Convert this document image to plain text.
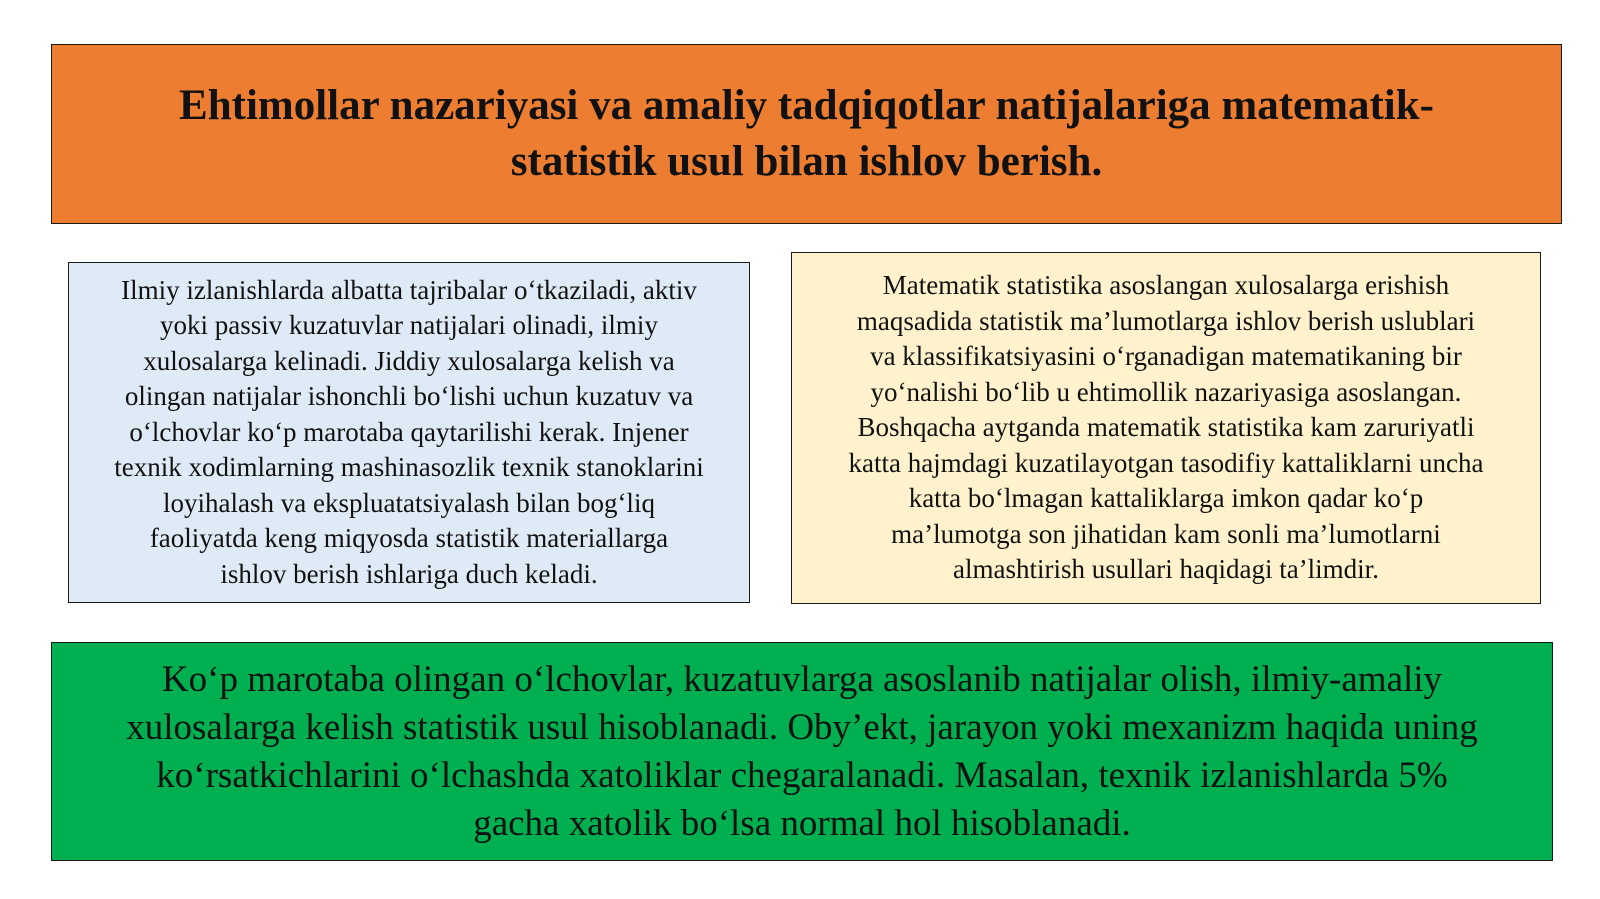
Ehtimollar nazariyasi va amaliy tadqiqotlar natijalariga matematik-
statistik usul bilan ishlov berish.

Ilmiy izlanishlarda albatta tajribalar o‘tkaziladi, aktiv
yoki passiv kuzatuvlar natijalari olinadi, ilmiy
xulosalarga kelinadi. Jiddiy xulosalarga kelish va
olingan natijalar ishonchli bo‘lishi uchun kuzatuv va
o‘lchovlar ko‘p marotaba qaytarilishi kerak. Injener
texnik xodimlarning mashinasozlik texnik stanoklarini
loyihalash va ekspluatatsiyalash bilan bog‘liq
faoliyatda keng miqyosda statistik materiallarga
ishlov berish ishlariga duch keladi.

Matematik statistika asoslangan xulosalarga erishish
maqsadida statistik ma’lumotlarga ishlov berish uslublari
va klassifikatsiyasini o‘rganadigan matematikaning bir
yo‘nalishi bo‘lib u ehtimollik nazariyasiga asoslangan.
Boshqacha aytganda matematik statistika kam zaruriyatli
katta hajmdagi kuzatilayotgan tasodifiy kattaliklarni uncha
katta bo‘lmagan kattaliklarga imkon qadar ko‘p
ma’lumotga son jihatidan kam sonli ma’lumotlarni
almashtirish usullari haqidagi ta’limdir.

Ko‘p marotaba olingan o‘lchovlar, kuzatuvlarga asoslanib natijalar olish, ilmiy-amaliy
xulosalarga kelish statistik usul hisoblanadi. Oby’ekt, jarayon yoki mexanizm haqida uning
ko‘rsatkichlarini o‘lchashda xatoliklar chegaralanadi. Masalan, texnik izlanishlarda 5%
gacha xatolik bo‘lsa normal hol hisoblanadi.
